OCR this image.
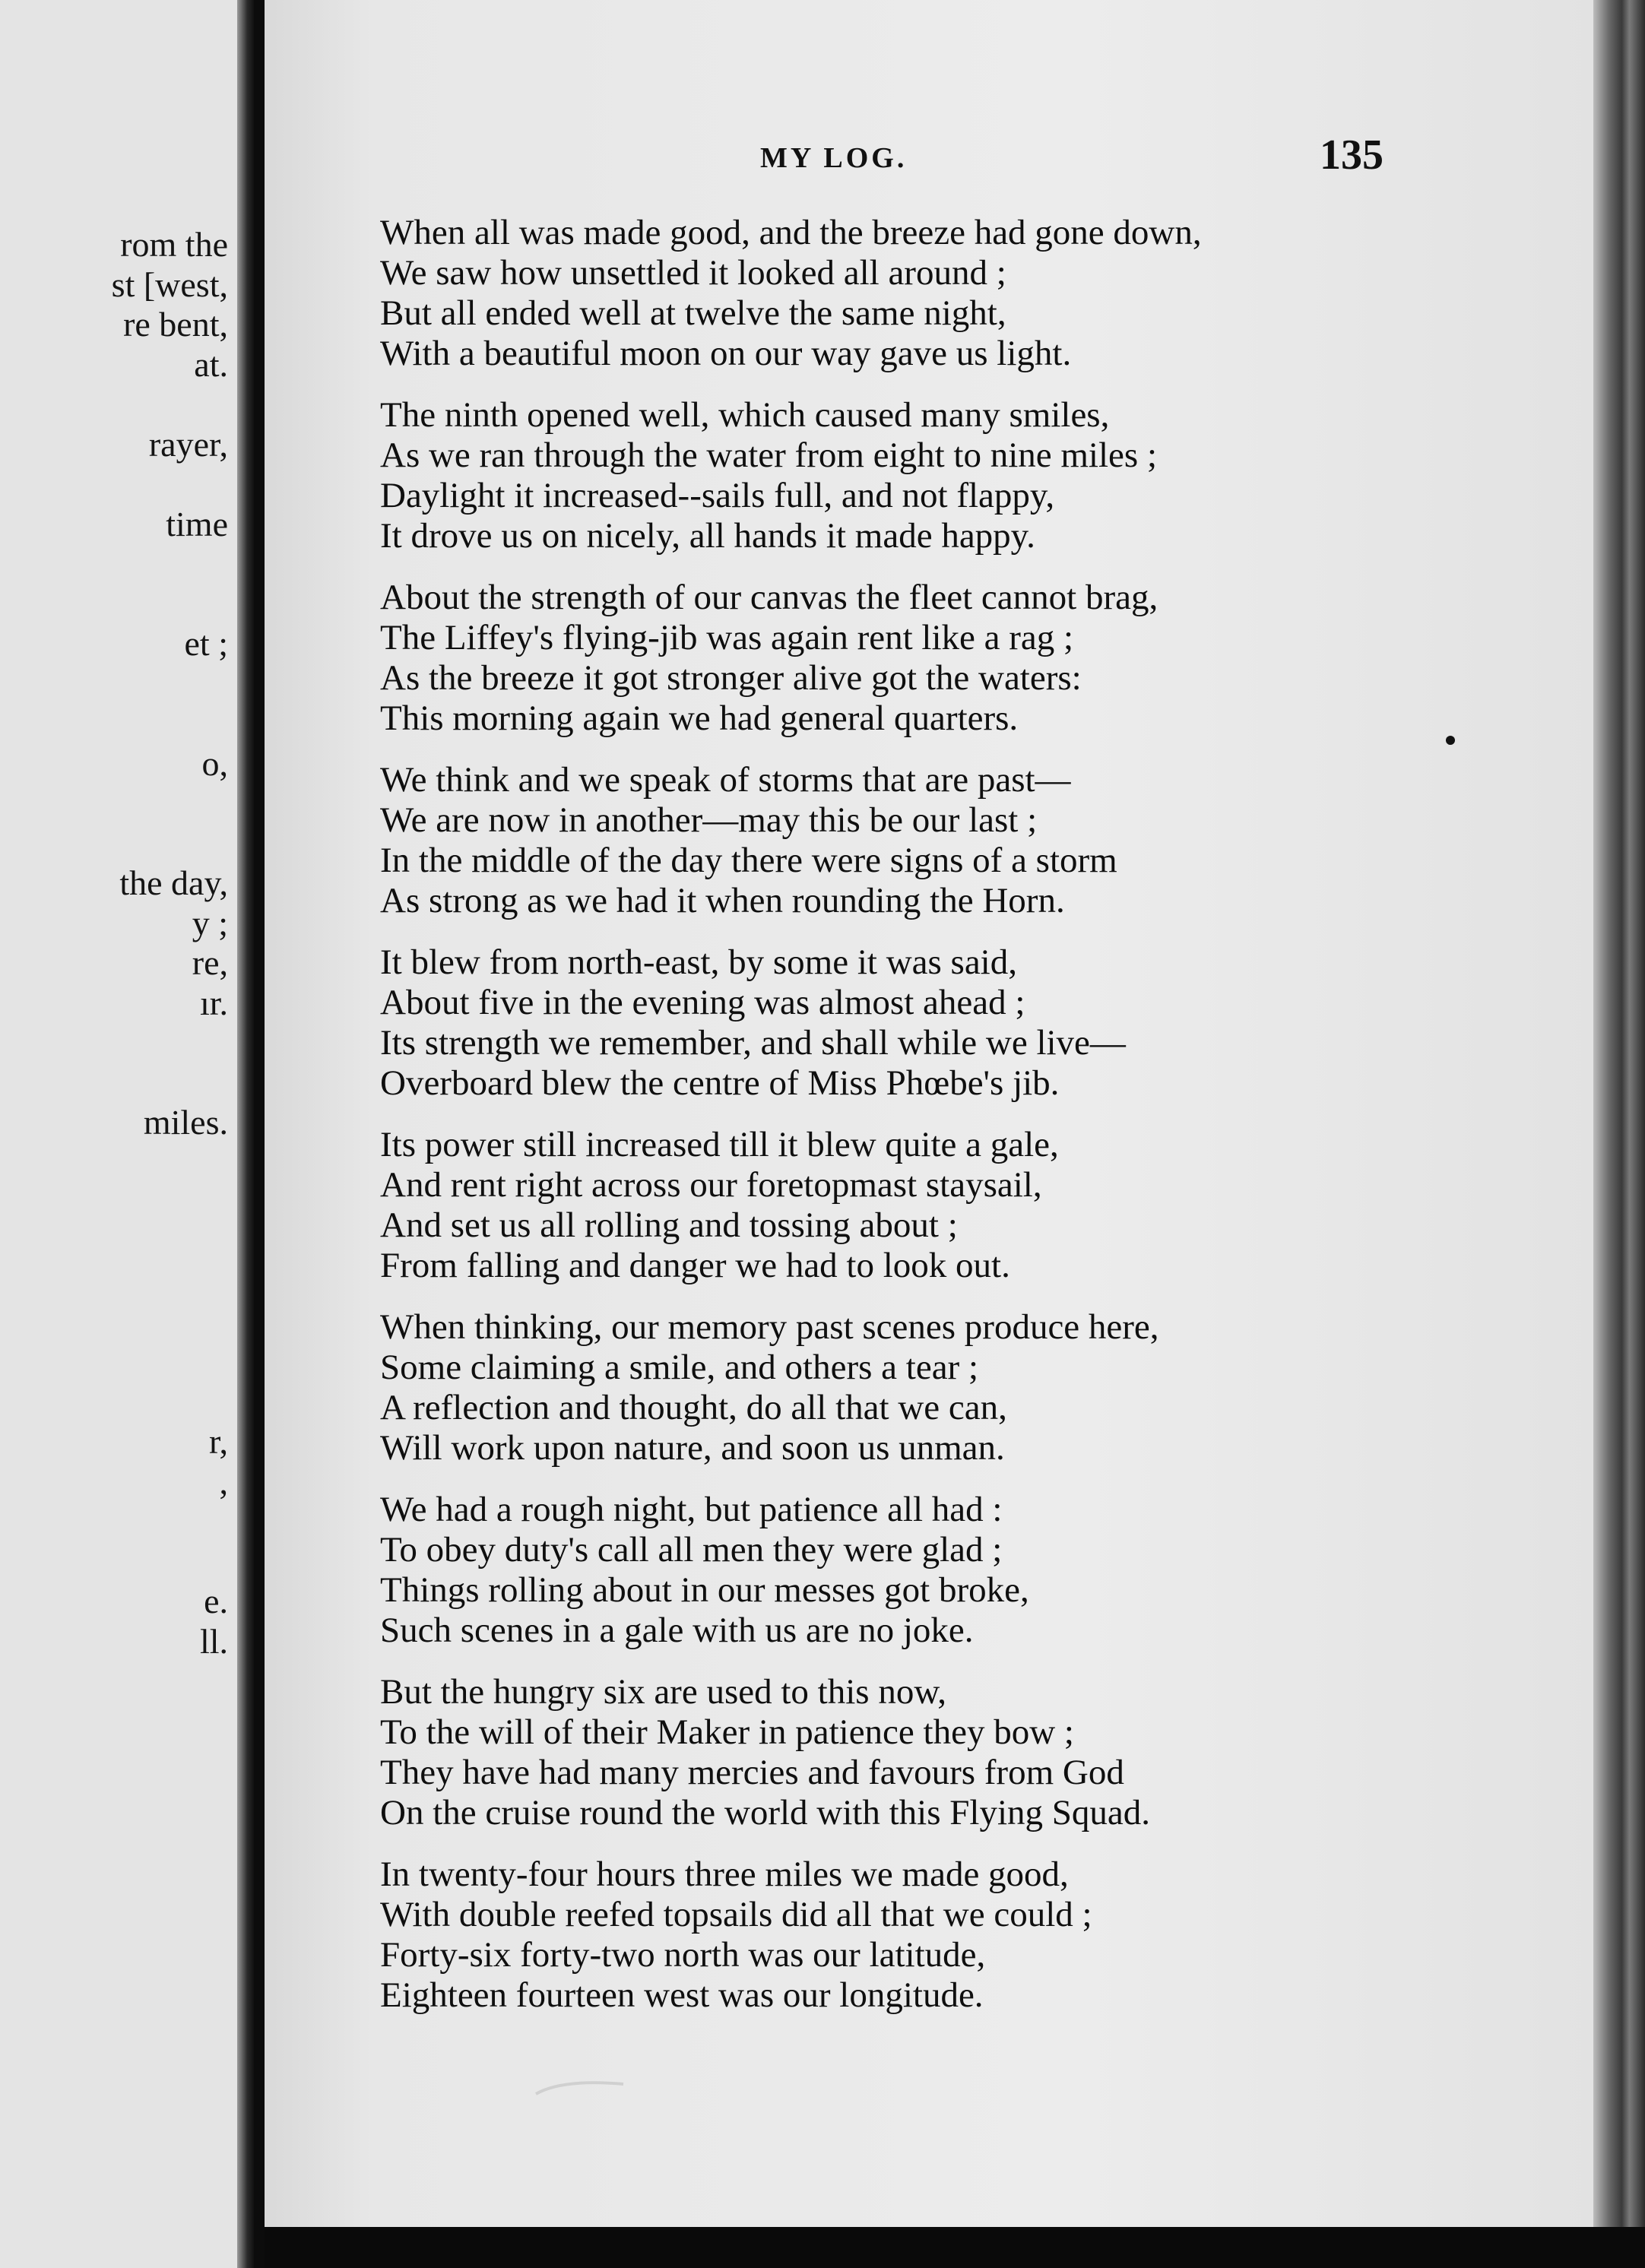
rom the
st [west,
re bent,
at.
rayer,
time
et ;
o,
the day,
y ;
re,
ır.
miles.
r,
,
e.
ll.
MY LOG.	135
When all was made good, and the breeze had gone down,
We saw how unsettled it looked all around ;
But all ended well at twelve the same night,
With a beautiful moon on our way gave us light.
The ninth opened well, which caused many smiles,
As we ran through the water from eight to nine miles ;
Daylight it increased--sails full, and not flappy,
It drove us on nicely, all hands it made happy.
About the strength of our canvas the fleet cannot brag,
The Liffey's flying-jib was again rent like a rag ;
As the breeze it got stronger alive got the waters:
This morning again we had general quarters.
We think and we speak of storms that are past—
We are now in another—may this be our last ;
In the middle of the day there were signs of a storm
As strong as we had it when rounding the Horn.
It blew from north-east, by some it was said,
About five in the evening was almost ahead ;
Its strength we remember, and shall while we live—
Overboard blew the centre of Miss Phœbe's jib.
Its power still increased till it blew quite a gale,
And rent right across our foretopmast staysail,
And set us all rolling and tossing about ;
From falling and danger we had to look out.
When thinking, our memory past scenes produce here,
Some claiming a smile, and others a tear ;
A reflection and thought, do all that we can,
Will work upon nature, and soon us unman.
We had a rough night, but patience all had :
To obey duty's call all men they were glad ;
Things rolling about in our messes got broke,
Such scenes in a gale with us are no joke.
But the hungry six are used to this now,
To the will of their Maker in patience they bow ;
They have had many mercies and favours from God
On the cruise round the world with this Flying Squad.
In twenty-four hours three miles we made good,
With double reefed topsails did all that we could ;
Forty-six forty-two north was our latitude,
Eighteen fourteen west was our longitude.
